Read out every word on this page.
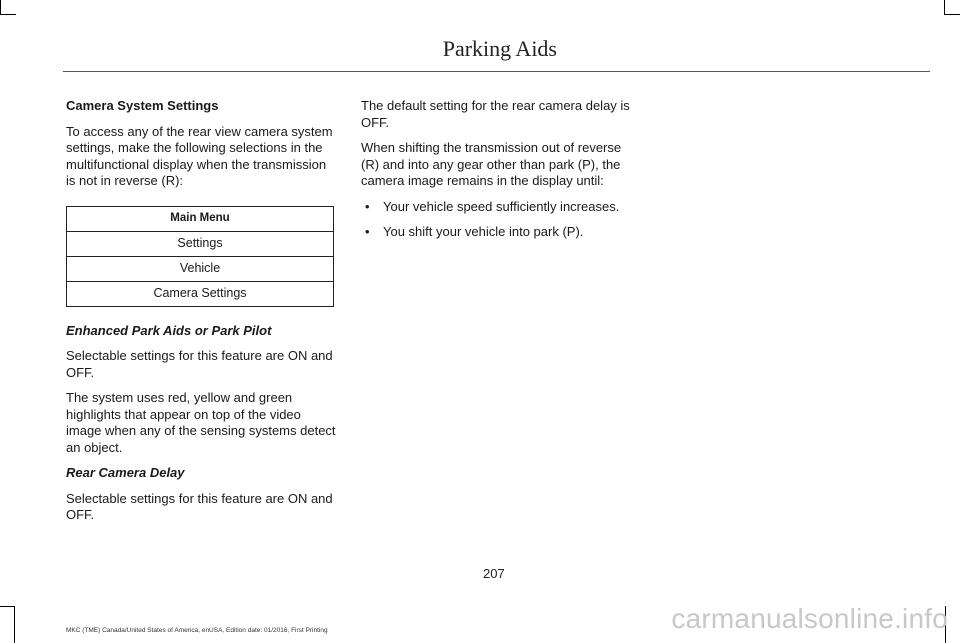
Parking Aids
Camera System Settings

To access any of the rear view camera system settings, make the following selections in the multifunctional display when the transmission is not in reverse (R):

Main Menu
Settings
Vehicle
Camera Settings
Enhanced Park Aids or Park Pilot

Selectable settings for this feature are ON and OFF.

The system uses red, yellow and green highlights that appear on top of the video image when any of the sensing systems detect an object.

Rear Camera Delay

Selectable settings for this feature are ON and OFF.

The default setting for the rear camera delay is OFF.

When shifting the transmission out of reverse (R) and into any gear other than park (P), the camera image remains in the display until:

• Your vehicle speed sufficiently increases.
• You shift your vehicle into park (P).
207
MKC (TME) Canada/United States of America, enUSA, Edition date: 01/2016, First Printing	carmanualsonline.info
